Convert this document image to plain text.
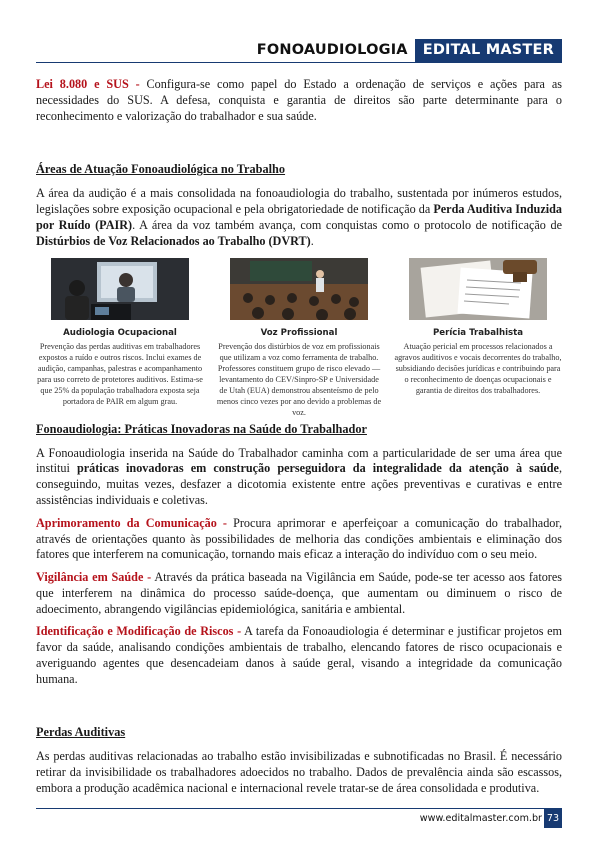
FONOAUDIOLOGIA	EDITAL MASTER

Lei 8.080 e SUS - Configura-se como papel do Estado a ordenação de serviços e ações para as necessidades do SUS. A defesa, conquista e garantia de direitos são parte determinante para o reconhecimento e valorização do trabalhador e sua saúde.

Áreas de Atuação Fonoaudiológica no Trabalho

A área da audição é a mais consolidada na fonoaudiologia do trabalho, sustentada por inúmeros estudos, legislações sobre exposição ocupacional e pela obrigatoriedade de notificação da Perda Auditiva Induzida por Ruído (PAIR). A área da voz também avança, com conquistas como o protocolo de notificação de Distúrbios de Voz Relacionados ao Trabalho (DVRT).

Audiologia Ocupacional
Prevenção das perdas auditivas em trabalhadores expostos a ruído e outros riscos. Inclui exames de audição, campanhas, palestras e acompanhamento para uso correto de protetores auditivos. Estima-se que 25% da população trabalhadora exposta seja portadora de PAIR em algum grau.
Voz Profissional
Prevenção dos distúrbios de voz em profissionais que utilizam a voz como ferramenta de trabalho. Professores constituem grupo de risco elevado — levantamento do CEV/Sinpro-SP e Universidade de Utah (EUA) demonstrou absenteísmo de pelo menos cinco vezes por ano devido a problemas de voz.
Perícia Trabalhista
Atuação pericial em processos relacionados a agravos auditivos e vocais decorrentes do trabalho, subsidiando decisões jurídicas e contribuindo para o reconhecimento de doenças ocupacionais e garantia de direitos dos trabalhadores.

Fonoaudiologia: Práticas Inovadoras na Saúde do Trabalhador

A Fonoaudiologia inserida na Saúde do Trabalhador caminha com a particularidade de ser uma área que institui práticas inovadoras em construção perseguidora da integralidade da atenção à saúde, conseguindo, muitas vezes, desfazer a dicotomia existente entre ações preventivas e curativas e entre assistências individuais e coletivas.

Aprimoramento da Comunicação - Procura aprimorar e aperfeiçoar a comunicação do trabalhador, através de orientações quanto às possibilidades de melhoria das condições ambientais e eliminação dos fatores que interferem na comunicação, tornando mais eficaz a interação do indivíduo com o seu meio.

Vigilância em Saúde - Através da prática baseada na Vigilância em Saúde, pode-se ter acesso aos fatores que interferem na dinâmica do processo saúde-doença, que aumentam ou diminuem o risco de adoecimento, abrangendo vigilâncias epidemiológica, sanitária e ambiental.

Identificação e Modificação de Riscos - A tarefa da Fonoaudiologia é determinar e justificar projetos em favor da saúde, analisando condições ambientais de trabalho, elencando fatores de risco ocupacionais e averiguando agentes que desencadeiam danos à saúde geral, visando a integridade da comunicação humana.

Perdas Auditivas

As perdas auditivas relacionadas ao trabalho estão invisibilizadas e subnotificadas no Brasil. É necessário retirar da invisibilidade os trabalhadores adoecidos no trabalho. Dados de prevalência ainda são escassos, embora a produção acadêmica nacional e internacional revele tratar-se de área consolidada e produtiva.

www.editalmaster.com.br 73
